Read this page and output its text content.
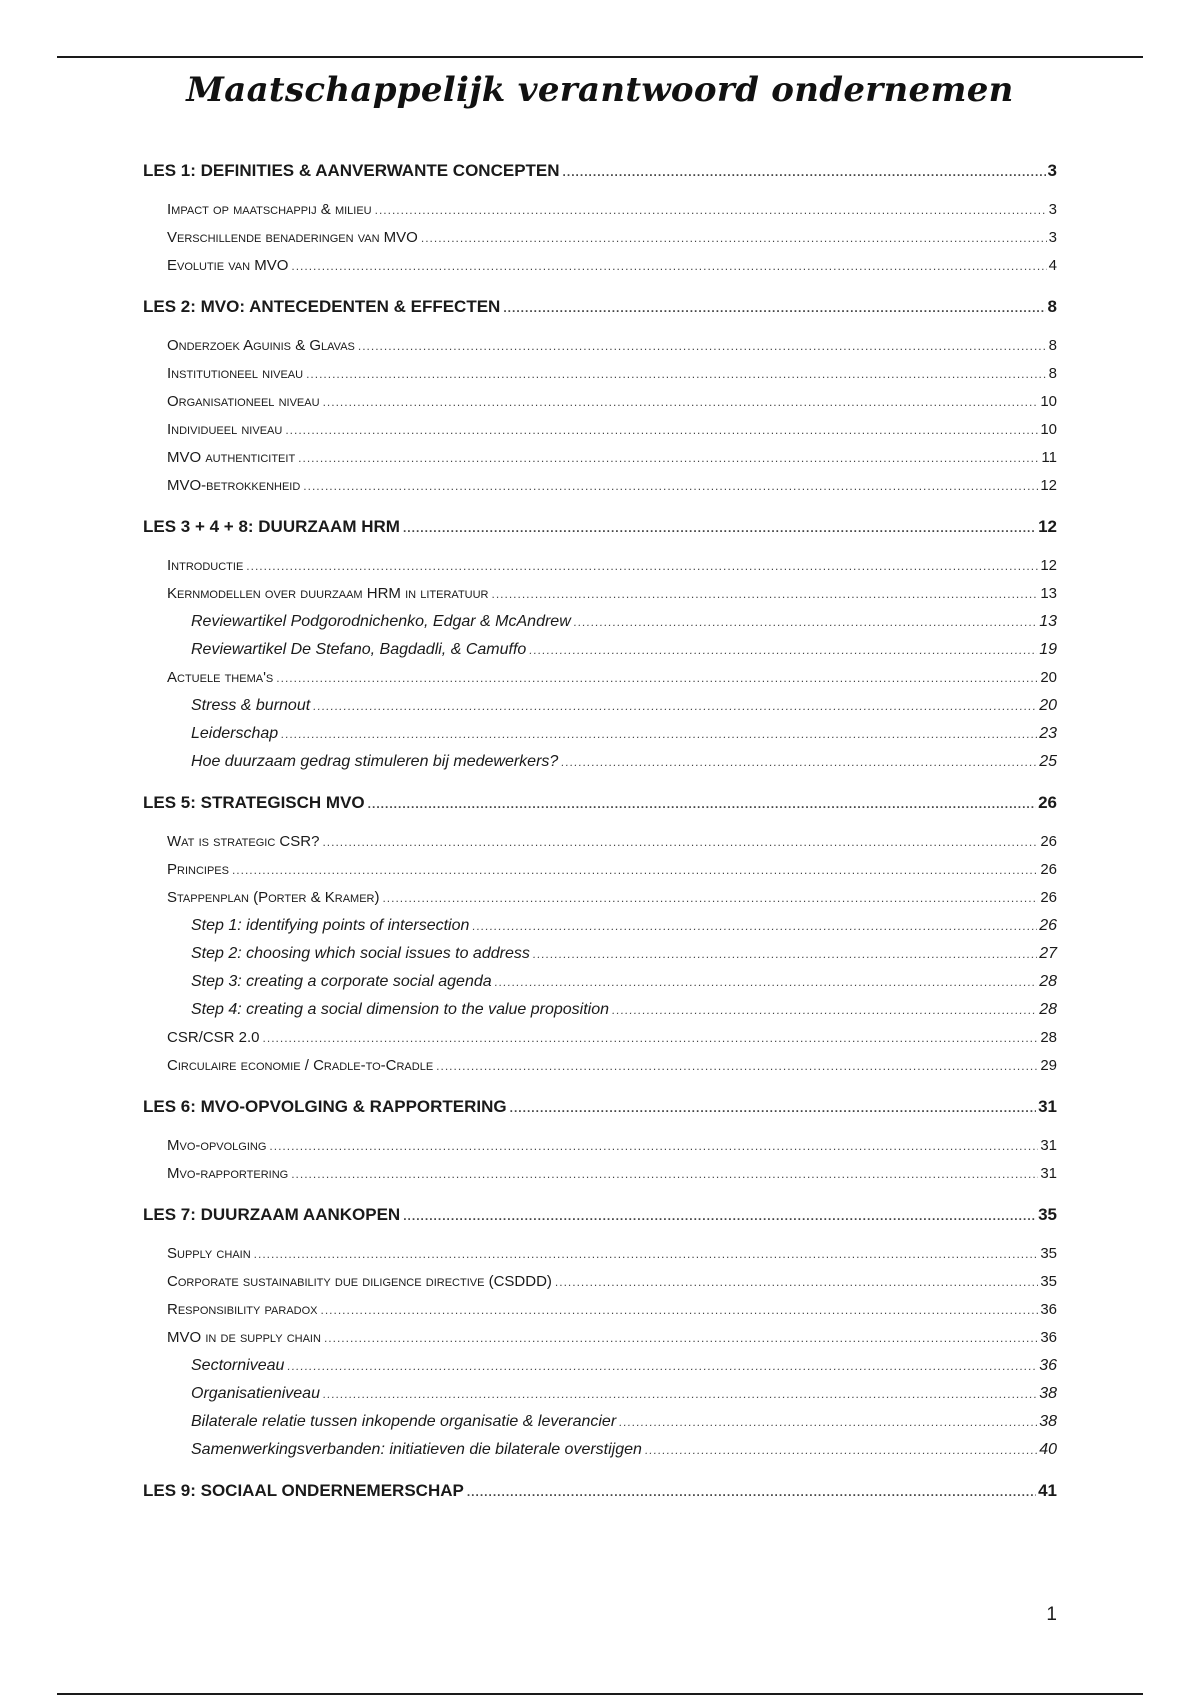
Maatschappelijk verantwoord ondernemen
LES 1: DEFINITIES & AANVERWANTE CONCEPTEN .....	3
Impact op maatschappij & milieu .....	3
Verschillende benaderingen van MVO .....	3
Evolutie van MVO .....	4
LES 2: MVO: ANTECEDENTEN & EFFECTEN .....	8
Onderzoek Aguinis & Glavas .....	8
Institutioneel niveau .....	8
Organisationeel niveau .....	10
Individueel niveau .....	10
MVO authenticiteit .....	11
MVO-betrokkenheid .....	12
LES 3 + 4 + 8: DUURZAAM HRM .....	12
Introductie .....	12
Kernmodellen over duurzaam HRM in literatuur .....	13
Reviewartikel Podgorodnichenko, Edgar & McAndrew .....	13
Reviewartikel De Stefano, Bagdadli, & Camuffo .....	19
Actuele thema's .....	20
Stress & burnout .....	20
Leiderschap .....	23
Hoe duurzaam gedrag stimuleren bij medewerkers? .....	25
LES 5: STRATEGISCH MVO .....	26
Wat is strategic CSR? .....	26
Principes .....	26
Stappenplan (Porter & Kramer) .....	26
Step 1: identifying points of intersection .....	26
Step 2: choosing which social issues to address .....	27
Step 3: creating a corporate social agenda .....	28
Step 4: creating a social dimension to the value proposition .....	28
CSR/CSR 2.0 .....	28
Circulaire economie / Cradle-to-Cradle .....	29
LES 6: MVO-OPVOLGING & RAPPORTERING .....	31
Mvo-opvolging .....	31
Mvo-rapportering .....	31
LES 7: DUURZAAM AANKOPEN .....	35
Supply chain .....	35
Corporate sustainability due diligence directive (CSDDD) .....	35
Responsibility paradox .....	36
MVO in de supply chain .....	36
Sectorniveau .....	36
Organisatieniveau .....	38
Bilaterale relatie tussen inkopende organisatie & leverancier .....	38
Samenwerkingsverbanden: initiatieven die bilaterale overstijgen .....	40
LES 9: SOCIAAL ONDERNEMERSCHAP .....	41
1
